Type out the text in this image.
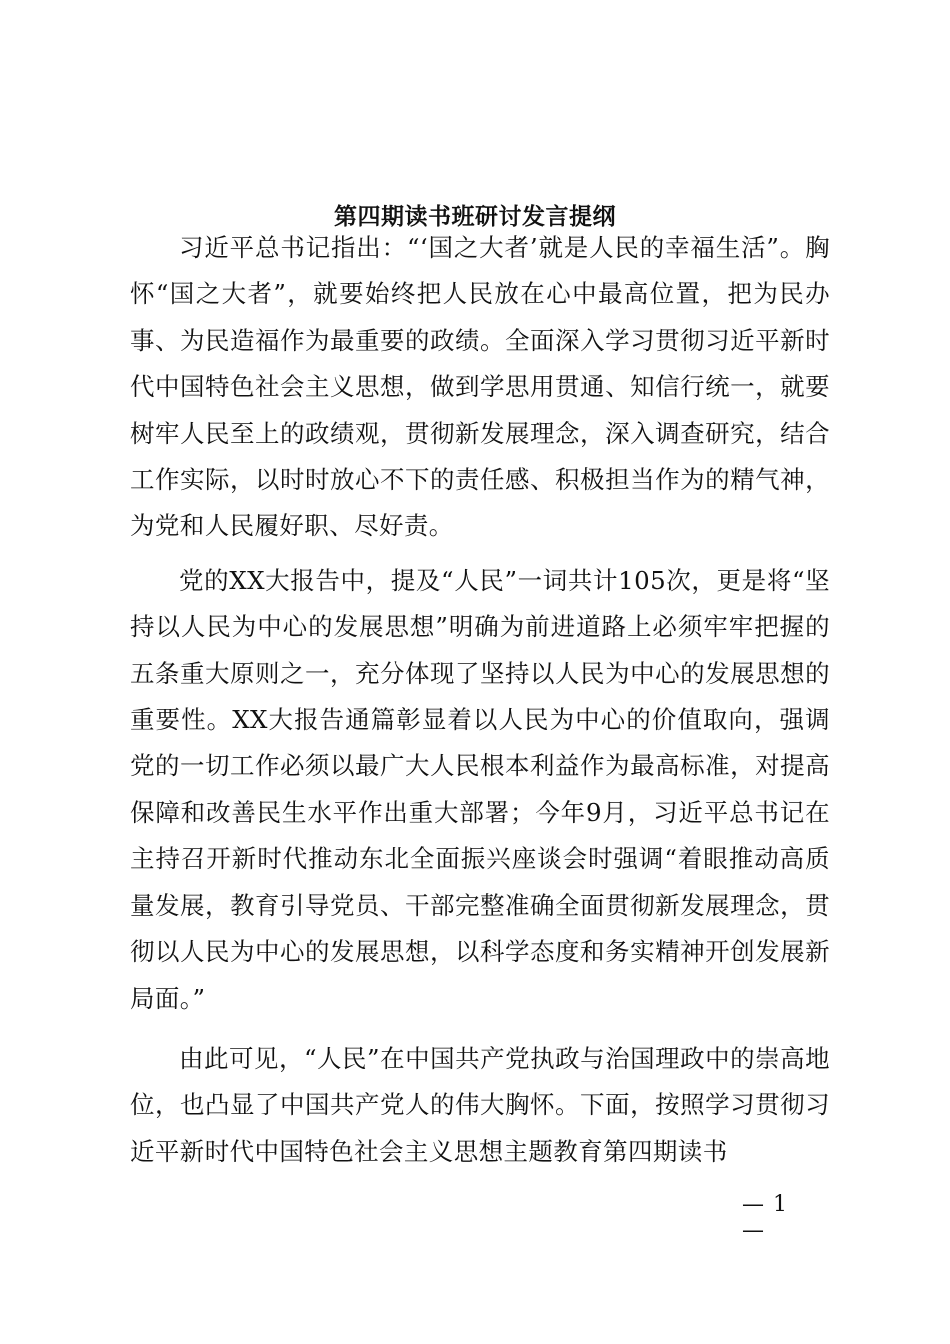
第四期读书班研讨发言提纲

习近平总书记指出：“‘国之大者’就是人民的幸福生活”。胸怀“国之大者”，就要始终把人民放在心中最高位置，把为民办事、为民造福作为最重要的政绩。全面深入学习贯彻习近平新时代中国特色社会主义思想，做到学思用贯通、知信行统一，就要树牢人民至上的政绩观，贯彻新发展理念，深入调查研究，结合工作实际，以时时放心不下的责任感、积极担当作为的精气神，为党和人民履好职、尽好责。

党的XX大报告中，提及“人民”一词共计105次，更是将“坚持以人民为中心的发展思想”明确为前进道路上必须牢牢把握的五条重大原则之一，充分体现了坚持以人民为中心的发展思想的重要性。XX大报告通篇彰显着以人民为中心的价值取向，强调党的一切工作必须以最广大人民根本利益作为最高标准，对提高保障和改善民生水平作出重大部署；今年9月，习近平总书记在主持召开新时代推动东北全面振兴座谈会时强调“着眼推动高质量发展，教育引导党员、干部完整准确全面贯彻新发展理念，贯彻以人民为中心的发展思想，以科学态度和务实精神开创发展新局面。”

由此可见，“人民”在中国共产党执政与治国理政中的崇高地位，也凸显了中国共产党人的伟大胸怀。下面，按照学习贯彻习近平新时代中国特色社会主义思想主题教育第四期读书

— 1 —
